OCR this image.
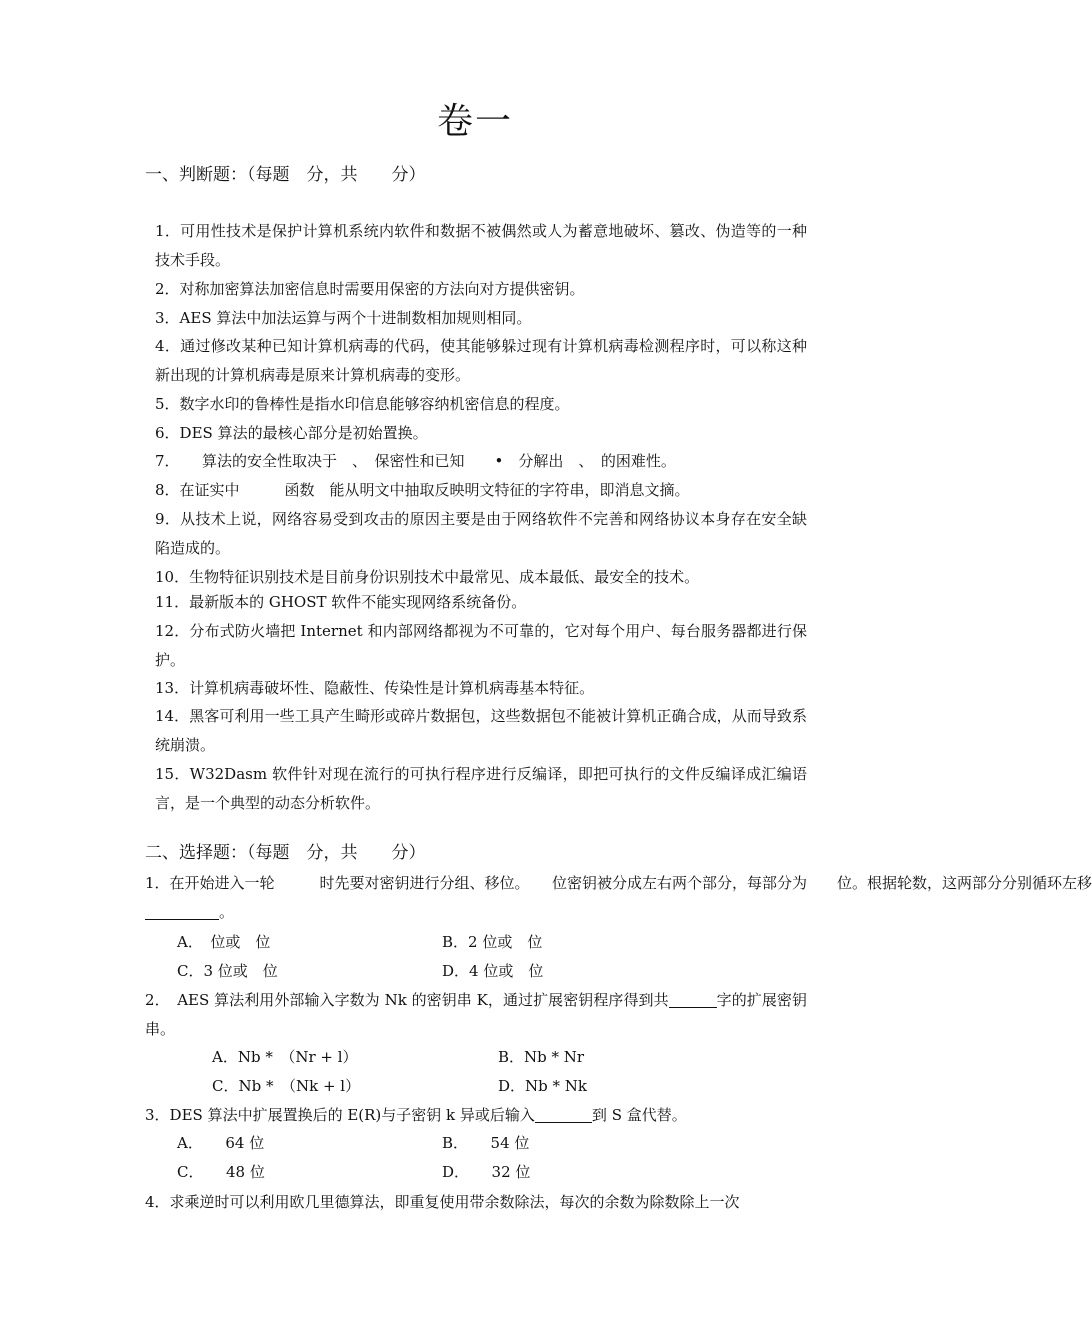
卷一
一、判断题：（每题　分，共　　分）
1．可用性技术是保护计算机系统内软件和数据不被偶然或人为蓄意地破坏、篡改、伪造等的一种技术手段。
2．对称加密算法加密信息时需要用保密的方法向对方提供密钥。
3．AES 算法中加法运算与两个十进制数相加规则相同。
4．通过修改某种已知计算机病毒的代码，使其能够躲过现有计算机病毒检测程序时，可以称这种新出现的计算机病毒是原来计算机病毒的变形。
5．数字水印的鲁棒性是指水印信息能够容纳机密信息的程度。
6．DES 算法的最核心部分是初始置换。
7．　　算法的安全性取决于　、　保密性和已知　　•　分解出　、　的困难性。
8．在证实中　　　函数　能从明文中抽取反映明文特征的字符串，即消息文摘。
9．从技术上说，网络容易受到攻击的原因主要是由于网络软件不完善和网络协议本身存在安全缺陷造成的。
10．生物特征识别技术是目前身份识别技术中最常见、成本最低、最安全的技术。
11．最新版本的 GHOST 软件不能实现网络系统备份。
12．分布式防火墙把 Internet 和内部网络都视为不可靠的，它对每个用户、每台服务器都进行保护。
13．计算机病毒破坏性、隐蔽性、传染性是计算机病毒基本特征。
14．黑客可利用一些工具产生畸形或碎片数据包，这些数据包不能被计算机正确合成，从而导致系统崩溃。
15．W32Dasm 软件针对现在流行的可执行程序进行反编译，即把可执行的文件反编译成汇编语言，是一个典型的动态分析软件。
二、选择题：（每题　分，共　　分）
1．在开始进入一轮　　　时先要对密钥进行分组、移位。　　位密钥被分成左右两个部分，每部分为　　位。根据轮数，这两部分分别循环左移。
A．　位或　位	B．2 位或　位
C．3 位或　位	D．4 位或　位
2．　AES 算法利用外部输入字数为 Nk 的密钥串 K，通过扩展密钥程序得到共	字的扩展密钥串。
A．Nb *　（Nr + l）	B．Nb * Nr
C．Nb *　（Nk + l）	D．Nb * Nk
3．DES 算法中扩展置换后的 E(R)与子密钥 k 异或后输入	到 S 盒代替。
A．　　64 位	B．　　54 位
C．　　48 位	D．　　32 位
4．求乘逆时可以利用欧几里德算法，即重复使用带余数除法，每次的余数为除数除上一次
